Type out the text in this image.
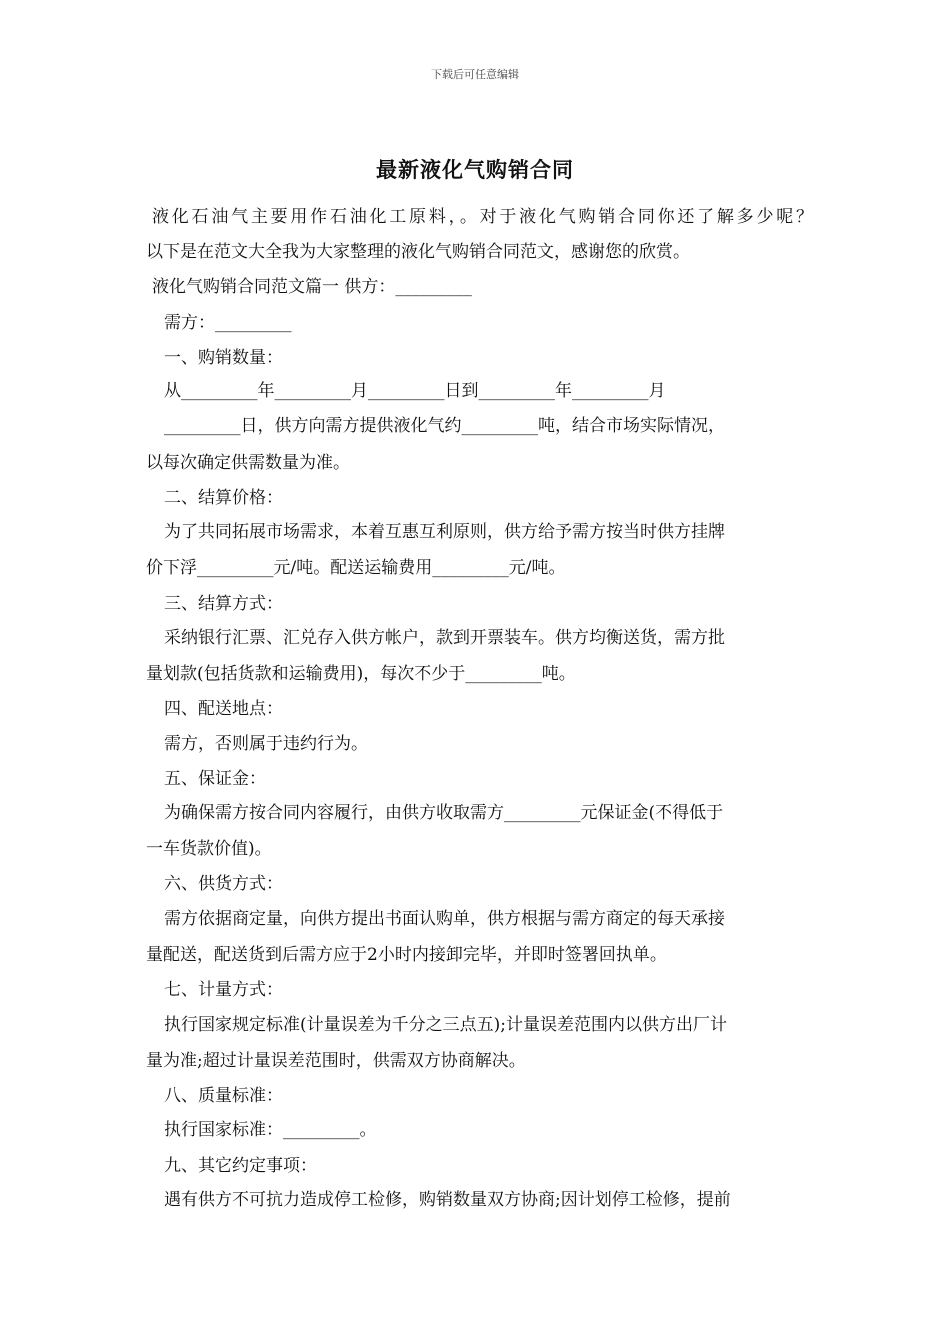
下载后可任意编辑
最新液化气购销合同
液化石油气主要用作石油化工原料，。对于液化气购销合同你还了解多少呢？
以下是在范文大全我为大家整理的液化气购销合同范文，感谢您的欣赏。
液化气购销合同范文篇一 供方：_________
需方：_________
一、购销数量：
从_________年_________月_________日到_________年_________月
_________日，供方向需方提供液化气约_________吨，结合市场实际情况，
以每次确定供需数量为准。
二、结算价格：
为了共同拓展市场需求，本着互惠互利原则，供方给予需方按当时供方挂牌
价下浮_________元/吨。配送运输费用_________元/吨。
三、结算方式：
采纳银行汇票、汇兑存入供方帐户，款到开票装车。供方均衡送货，需方批
量划款(包括货款和运输费用)，每次不少于_________吨。
四、配送地点：
需方，否则属于违约行为。
五、保证金：
为确保需方按合同内容履行，由供方收取需方_________元保证金(不得低于
一车货款价值)。
六、供货方式：
需方依据商定量，向供方提出书面认购单，供方根据与需方商定的每天承接
量配送，配送货到后需方应于2小时内接卸完毕，并即时签署回执单。
七、计量方式：
执行国家规定标准(计量误差为千分之三点五);计量误差范围内以供方出厂计
量为准;超过计量误差范围时，供需双方协商解决。
八、质量标准：
执行国家标准：_________。
九、其它约定事项：
遇有供方不可抗力造成停工检修，购销数量双方协商;因计划停工检修，提前
